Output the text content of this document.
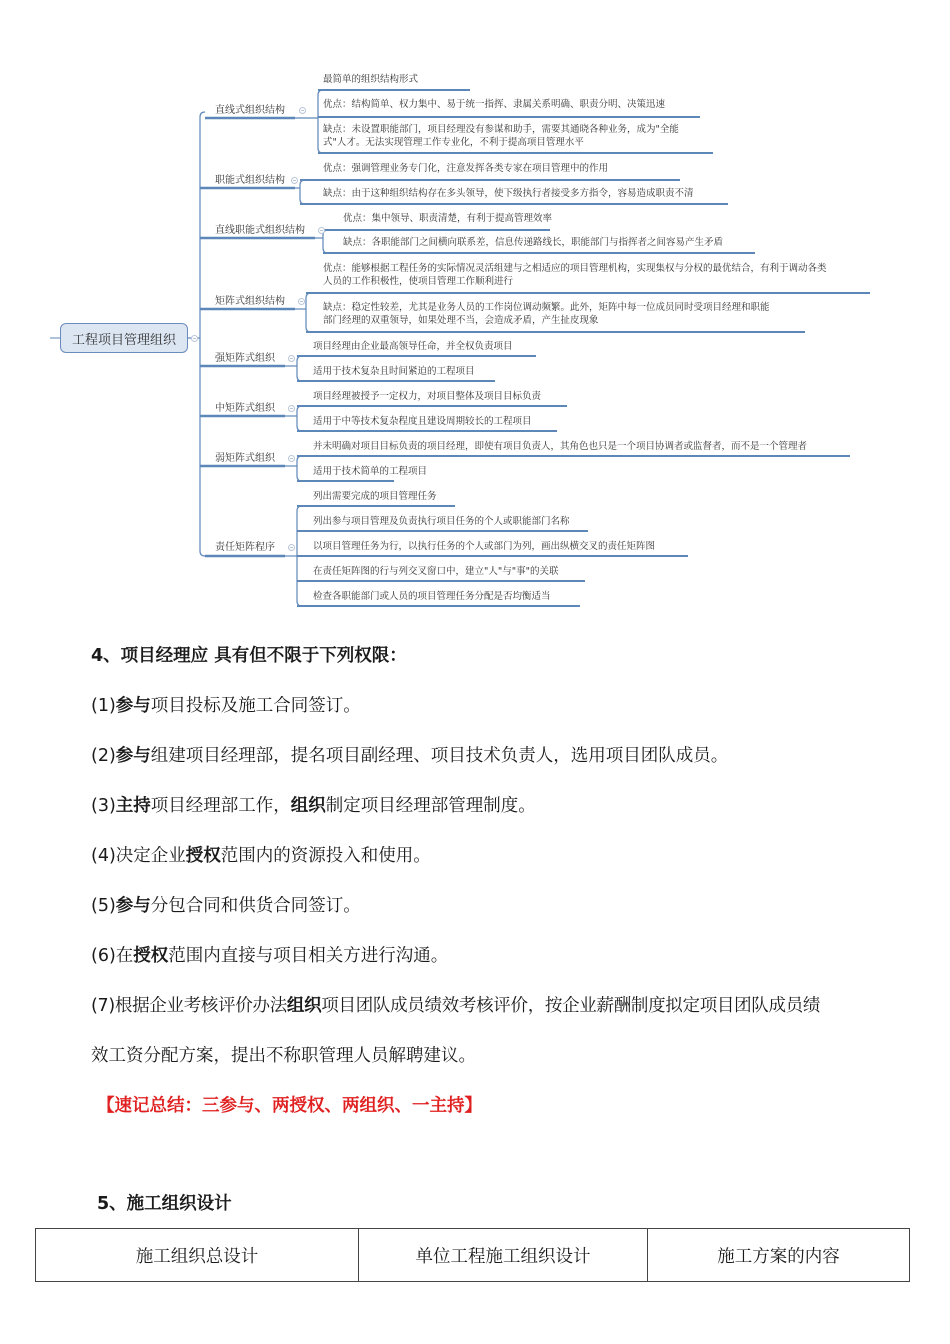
工程项目管理组织
直线式组织结构
职能式组织结构
直线职能式组织结构
矩阵式组织结构
强矩阵式组织
中矩阵式组织
弱矩阵式组织
责任矩阵程序
最简单的组织结构形式
优点：结构简单、权力集中、易于统一指挥、隶属关系明确、职责分明、决策迅速
缺点：未设置职能部门，项目经理没有参谋和助手，需要其通晓各种业务，成为"全能
式"人才。无法实现管理工作专业化，不利于提高项目管理水平
优点：强调管理业务专门化，注意发挥各类专家在项目管理中的作用
缺点：由于这种组织结构存在多头领导，使下级执行者接受多方指令，容易造成职责不清
优点：集中领导、职责清楚，有利于提高管理效率
缺点：各职能部门之间横向联系差，信息传递路线长，职能部门与指挥者之间容易产生矛盾
优点：能够根据工程任务的实际情况灵活组建与之相适应的项目管理机构，实现集权与分权的最优结合，有利于调动各类
人员的工作积极性，使项目管理工作顺利进行
缺点：稳定性较差，尤其是业务人员的工作岗位调动频繁。此外，矩阵中每一位成员同时受项目经理和职能
部门经理的双重领导，如果处理不当，会造成矛盾，产生扯皮现象
项目经理由企业最高领导任命，并全权负责项目
适用于技术复杂且时间紧迫的工程项目
项目经理被授予一定权力，对项目整体及项目目标负责
适用于中等技术复杂程度且建设周期较长的工程项目
并未明确对项目目标负责的项目经理，即使有项目负责人，其角色也只是一个项目协调者或监督者，而不是一个管理者
适用于技术简单的工程项目
列出需要完成的项目管理任务
列出参与项目管理及负责执行项目任务的个人或职能部门名称
以项目管理任务为行，以执行任务的个人或部门为列，画出纵横交叉的责任矩阵图
在责任矩阵图的行与列交叉窗口中，建立"人"与"事"的关联
检查各职能部门或人员的项目管理任务分配是否均衡适当
4、项目经理应 具有但不限于下列权限：
(1)参与项目投标及施工合同签订。
(2)参与组建项目经理部，提名项目副经理、项目技术负责人，选用项目团队成员。
(3)主持项目经理部工作，组织制定项目经理部管理制度。
(4)决定企业授权范围内的资源投入和使用。
(5)参与分包合同和供货合同签订。
(6)在授权范围内直接与项目相关方进行沟通。
(7)根据企业考核评价办法组织项目团队成员绩效考核评价，按企业薪酬制度拟定项目团队成员绩
效工资分配方案，提出不称职管理人员解聘建议。
【速记总结：三参与、两授权、两组织、一主持】
5、施工组织设计
施工组织总设计	单位工程施工组织设计	施工方案的内容
